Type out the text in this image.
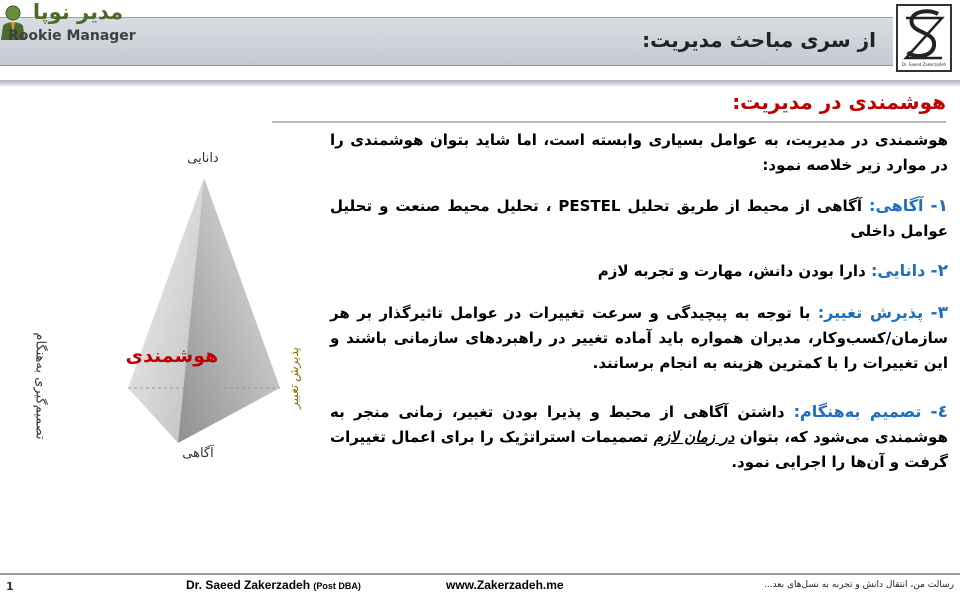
از سری مباحث مدیریت:
Dr. Saeed Zakerzadeh
مدیر نوپا
Rookie Manager
هوشمندی در مدیریت:
هوشمندی در مدیریت، به عوامل بسیاری وابسته است، اما شاید بتوان هوشمندی را در موارد زیر خلاصه نمود:
۱- آگاهی: آگاهی از محیط از طریق تحلیل PESTEL ، تحلیل محیط صنعت و تحلیل عوامل داخلی
۲- دانایی: دارا بودن دانش، مهارت و تجربه لازم
۳- پذیرش تغییر: با توجه به پیچیدگی و سرعت تغییرات در عوامل تاثیرگذار بر هر سازمان/کسب‌وکار، مدیران همواره باید آماده تغییر در راهبردهای سازمانی باشند و این تغییرات را با کمترین هزینه به انجام برسانند.
٤- تصمیم به‌هنگام: داشتن آگاهی از محیط و پذیرا بودن تغییر، زمانی منجر به هوشمندی می‌شود که، بتوان در زمان لازم تصمیمات استراتژیک را برای اعمال تغییرات گرفت و آن‌ها را اجرایی نمود.
دانایی
هوشمندی
آگاهی
تصمیم‌گیری به‌هنگام	پذیرش تغییر
1	Dr. Saeed Zakerzadeh (Post DBA)	www.Zakerzadeh.me	رسالت من، انتقال دانش و تجربه به نسل‌های بعد...
